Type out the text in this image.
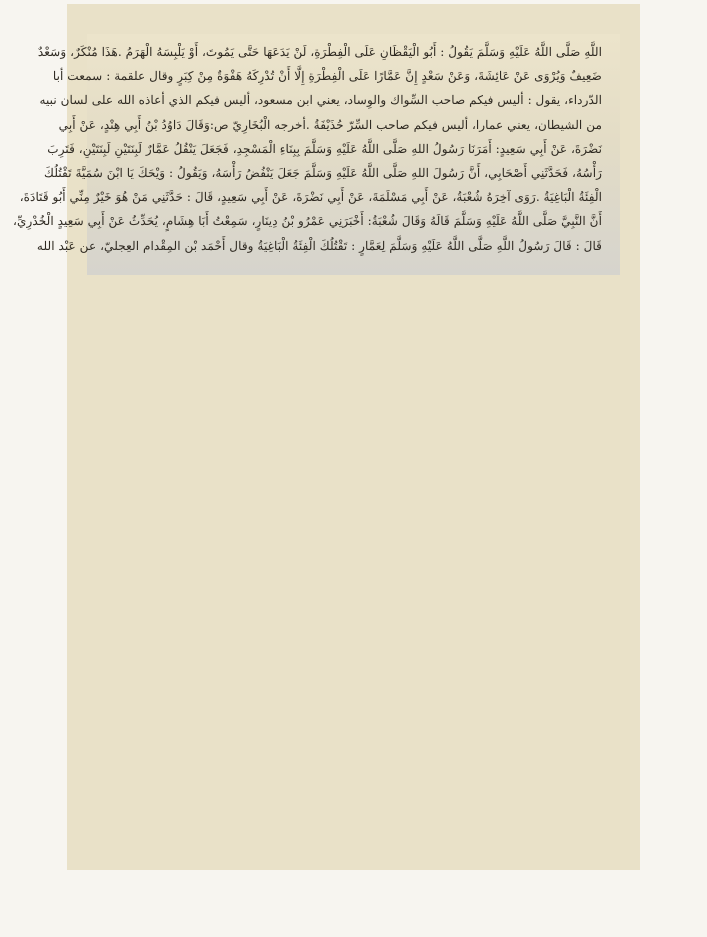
اللَّهِ صَلَّى اللَّهُ عَلَيْهِ وَسَلَّمَ يَقُولُ : أَبُو الْيَقْظَانِ عَلَى الْفِطْرَةِ، لَنْ يَدَعَهَا حَتَّى يَمُوتَ، أَوْ يَلْبِسَهُ الْهَرَمُ .هَذَا مُنْكَرٌ، وَسَعْدٌ
ضَعِيفٌ وَيُرْوَى عَنْ عَائِشَةَ، وَعَنْ سَعْدٍ إِنَّ عَمَّارًا عَلَى الْفِطْرَةِ إِلَّا أَنْ تُدْرِكَهُ هَفْوَةٌ مِنْ كِبَرٍ وقال علقمة : سمعت أبا
الدّرداء، يقول : أليس فيكم صاحب السِّواك والوِساد، يعني ابن مسعود، أليس فيكم الذي أعاذه الله على لسان نبيه
من الشيطان، يعني عمارا، أليس فيكم صاحب السِّرّ حُذَيْفَةُ .أخرجه الْبُخَارِيّ ص:وَقَالَ دَاوُدُ بْنُ أَبِي هِنْدٍ، عَنْ أَبِي
نَضْرَةَ، عَنْ أَبِي سَعِيدٍ: أَمَرَنَا رَسُولُ اللهِ صَلَّى اللَّهُ عَلَيْهِ وَسَلَّمَ بِبِنَاءِ الْمَسْجِدِ، فَجَعَلَ يَنْقُلُ عَمَّارٌ لَبِنَتَيْنِ لَبِنَتَيْنِ، فَتَرِبَ
رَأْسُهُ، فَحَدَّثَنِي أَصْحَابِي، أَنَّ رَسُولَ اللهِ صَلَّى اللَّهُ عَلَيْهِ وَسَلَّمَ جَعَلَ يَنْفُضُ رَأْسَهُ، وَيَقُولُ : وَيْحَكَ يَا ابْنَ سُمَيَّةَ تَقْتُلُكَ
الْفِئَةُ الْبَاغِيَةُ .رَوَى آخِرَهُ شُعْبَةُ، عَنْ أَبِي مَسْلَمَةَ، عَنْ أَبِي نَضْرَةَ، عَنْ أَبِي سَعِيدٍ، قَالَ : حَدَّثَنِي مَنْ هُوَ خَيْرٌ مِنِّي أَبُو قَتَادَةَ،
أَنَّ النَّبِيَّ صَلَّى اللَّهُ عَلَيْهِ وَسَلَّمَ قَالَهُ وَقَالَ شُعْبَةُ: أَخْبَرَنِي عَمْرُو بْنُ دِينَارٍ، سَمِعْتُ أَبَا هِشَامٍ، يُحَدِّثُ عَنْ أَبِي سَعِيدٍ الْخُدْرِيِّ،
قَالَ : قَالَ رَسُولُ اللَّهِ صَلَّى اللَّهُ عَلَيْهِ وَسَلَّمَ لِعَمَّارٍ : تَقْتُلُكَ الْفِئَةُ الْبَاغِيَةُ وقال أَحْمَد بْن المِقْدام العِجليّ، عن عَبْد الله
